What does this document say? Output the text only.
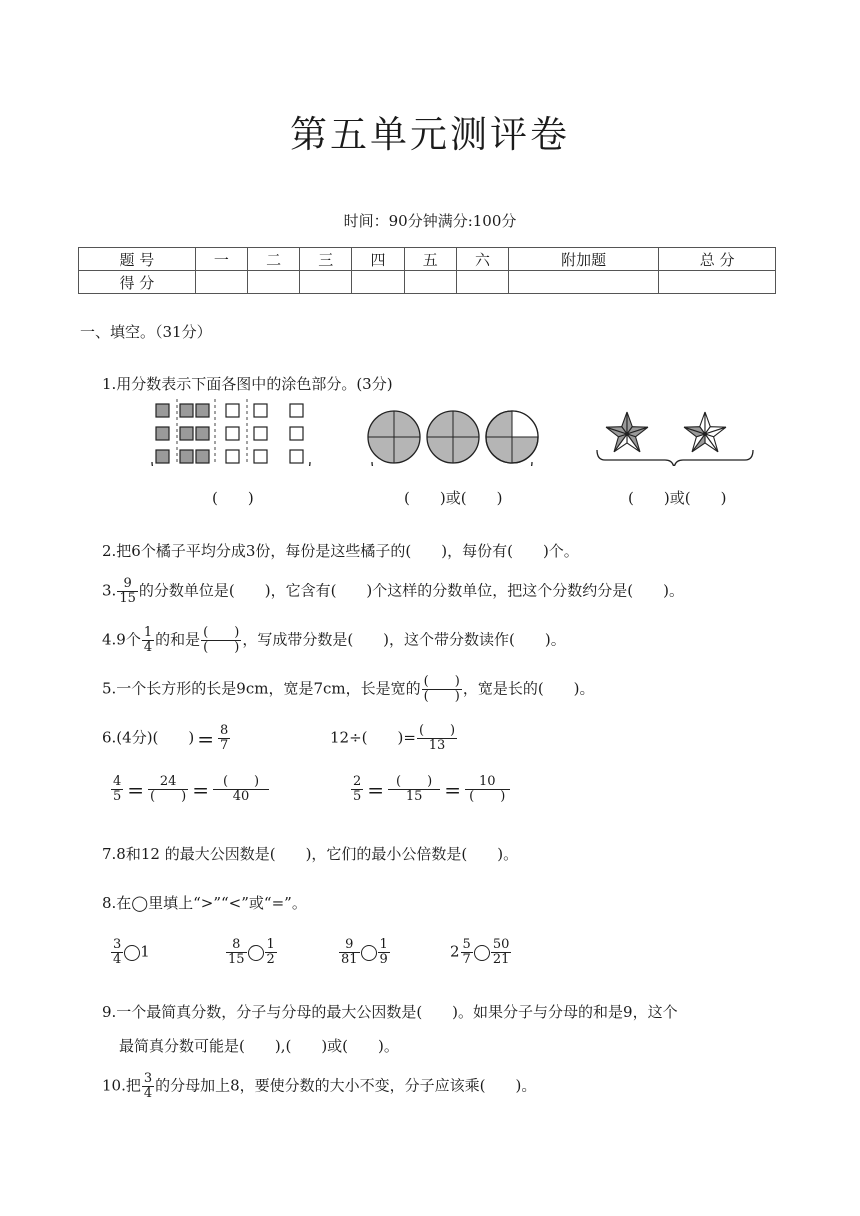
第五单元测评卷
时间：90分钟满分:100分
题 号	一	二	三	四	五	六	附加题	总 分
得 分								
一、填空。（31分）
1.用分数表示下面各图中的涂色部分。(3分)
(　　)	(　　)或(　　)	(　　)或(　　)
2.把6个橘子平均分成3份，每份是这些橘子的(　　)，每份有(　　)个。
3. $\frac{9}{15}$ 的分数单位是(　　)，它含有(　　)个这样的分数单位，把这个分数约分是(　　)。
4.9个 $\frac{1}{4}$ 的和是 $\frac{( )}{( )}$ ，写成带分数是(　　)，这个带分数读作(　　)。
5.一个长方形的长是9cm，宽是7cm，长是宽的 $\frac{( )}{( )}$ ，宽是长的(　　)。
6.(4分)(　　) = $\frac{8}{7}$	12÷(　　)= $\frac{( )}{13}$
$\frac{4}{5} = \frac{24}{( )} = \frac{( )}{40}$	$\frac{2}{5} = \frac{( )}{15} = \frac{10}{( )}$
7.8和12 的最大公因数是(　　)，它们的最小公倍数是(　　)。
8.在◯里填上“>”“<”或“=”。
$\frac{3}{4} 1$	$\frac{8}{15} \frac{1}{2}$	$\frac{9}{81} \frac{1}{9}$	$2 \frac{5}{7} \frac{50}{21}$
9.一个最简真分数，分子与分母的最大公因数是(　　)。如果分子与分母的和是9，这个
最简真分数可能是(　　),(　　)或(　　)。
10.把 $\frac{3}{4}$ 的分母加上8，要使分数的大小不变，分子应该乘(　　)。
